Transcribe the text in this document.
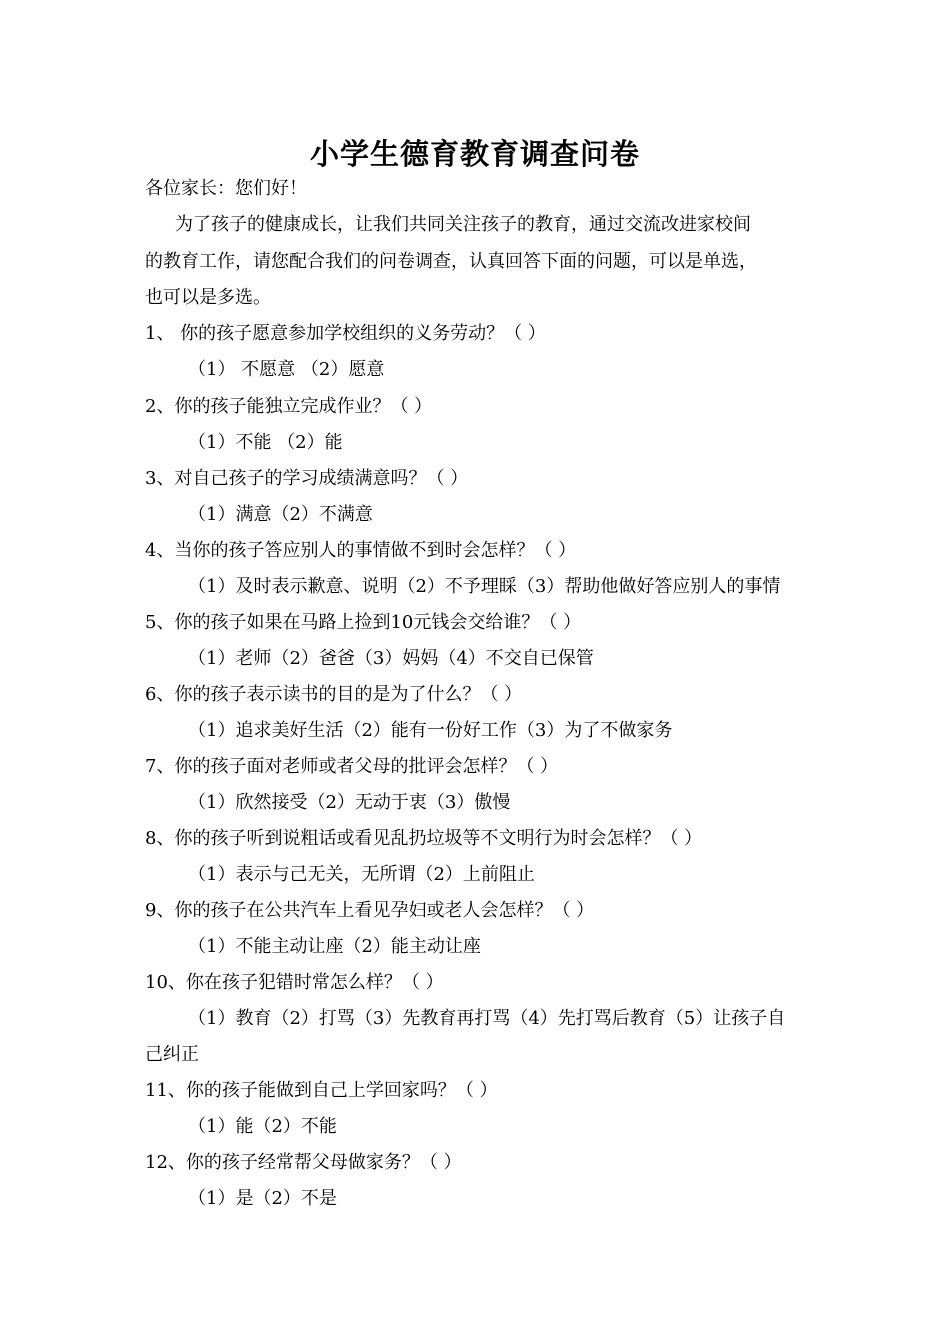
小学生德育教育调查问卷
各位家长：您们好！
为了孩子的健康成长，让我们共同关注孩子的教育，通过交流改进家校间
的教育工作，请您配合我们的问卷调查，认真回答下面的问题，可以是单选，
也可以是多选。
1、 你的孩子愿意参加学校组织的义务劳动？（ ）
（1） 不愿意 （2）愿意
2、你的孩子能独立完成作业？（ ）
（1）不能 （2）能
3、对自己孩子的学习成绩满意吗？（ ）
（1）满意（2）不满意
4、当你的孩子答应别人的事情做不到时会怎样？（ ）
（1）及时表示歉意、说明（2）不予理睬（3）帮助他做好答应别人的事情
5、你的孩子如果在马路上捡到10元钱会交给谁？（ ）
（1）老师（2）爸爸（3）妈妈（4）不交自已保管
6、你的孩子表示读书的目的是为了什么？（ ）
（1）追求美好生活（2）能有一份好工作（3）为了不做家务
7、你的孩子面对老师或者父母的批评会怎样？（ ）
（1）欣然接受（2）无动于衷（3）傲慢
8、你的孩子听到说粗话或看见乱扔垃圾等不文明行为时会怎样？（ ）
（1）表示与己无关，无所谓（2）上前阻止
9、你的孩子在公共汽车上看见孕妇或老人会怎样？（ ）
（1）不能主动让座（2）能主动让座
10、你在孩子犯错时常怎么样？（ ）
（1）教育（2）打骂（3）先教育再打骂（4）先打骂后教育（5）让孩子自
己纠正
11、你的孩子能做到自己上学回家吗？（ ）
（1）能（2）不能
12、你的孩子经常帮父母做家务？（ ）
（1）是（2）不是
